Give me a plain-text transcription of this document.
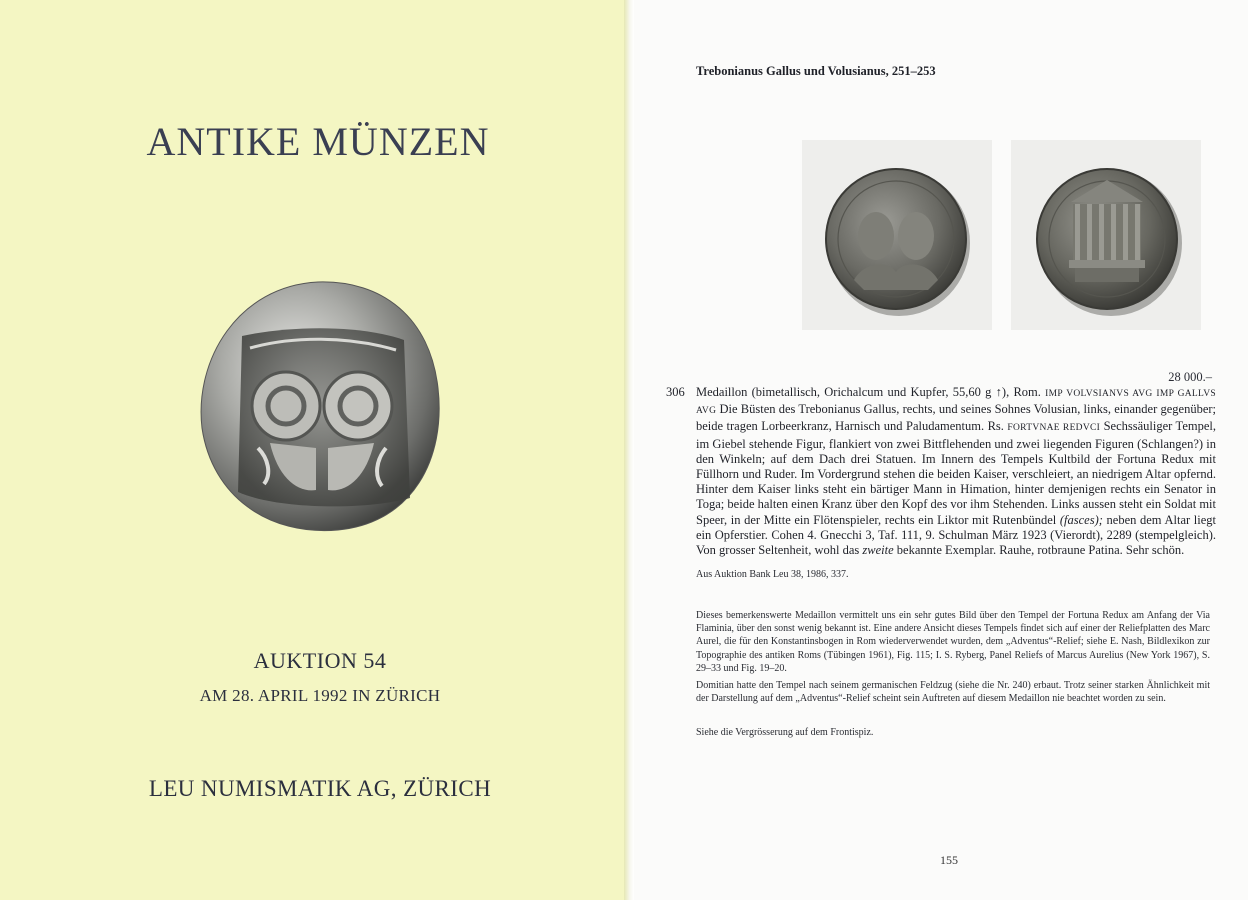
ANTIKE MÜNZEN
AUKTION 54
AM 28. APRIL 1992 IN ZÜRICH
LEU NUMISMATIK AG, ZÜRICH
Trebonianus Gallus und Volusianus, 251–253
306 Medaillon (bimetallisch, Orichalcum und Kupfer, 55,60 g ↑), Rom. IMP VOLVSIANVS AVG IMP GALLVS AVG Die Büsten des Trebonianus Gallus, rechts, und seines Sohnes Volusian, links, einander gegenüber; beide tragen Lorbeerkranz, Harnisch und Paludamentum. Rs. FORTVNAE REDVCI Sechssäuliger Tempel, im Giebel stehende Figur, flankiert von zwei Bittflehenden und zwei liegenden Figuren (Schlangen?) in den Winkeln; auf dem Dach drei Statuen. Im Innern des Tempels Kultbild der Fortuna Redux mit Füllhorn und Ruder. Im Vordergrund stehen die beiden Kaiser, verschleiert, an niedrigem Altar opfernd. Hinter dem Kaiser links steht ein bärtiger Mann in Himation, hinter demjenigen rechts ein Senator in Toga; beide halten einen Kranz über den Kopf des vor ihm Stehenden. Links aussen steht ein Soldat mit Speer, in der Mitte ein Flötenspieler, rechts ein Liktor mit Rutenbündel (fasces); neben dem Altar liegt ein Opferstier. Cohen 4. Gnecchi 3, Taf. 111, 9. Schulman März 1923 (Vierordt), 2289 (stempelgleich). Von grosser Seltenheit, wohl das zweite bekannte Exemplar. Rauhe, rotbraune Patina. Sehr schön.
28 000.–
Aus Auktion Bank Leu 38, 1986, 337.
Dieses bemerkenswerte Medaillon vermittelt uns ein sehr gutes Bild über den Tempel der Fortuna Redux am Anfang der Via Flaminia, über den sonst wenig bekannt ist. Eine andere Ansicht dieses Tempels findet sich auf einer der Reliefplatten des Marc Aurel, die für den Konstantinsbogen in Rom wiederverwendet wurden, dem „Adventus“-Relief; siehe E. Nash, Bildlexikon zur Topographie des antiken Roms (Tübingen 1961), Fig. 115; I. S. Ryberg, Panel Reliefs of Marcus Aurelius (New York 1967), S. 29–33 und Fig. 19–20.
Domitian hatte den Tempel nach seinem germanischen Feldzug (siehe die Nr. 240) erbaut. Trotz seiner starken Ähnlichkeit mit der Darstellung auf dem „Adventus“-Relief scheint sein Auftreten auf diesem Medaillon nie beachtet worden zu sein.
Siehe die Vergrösserung auf dem Frontispiz.
155
